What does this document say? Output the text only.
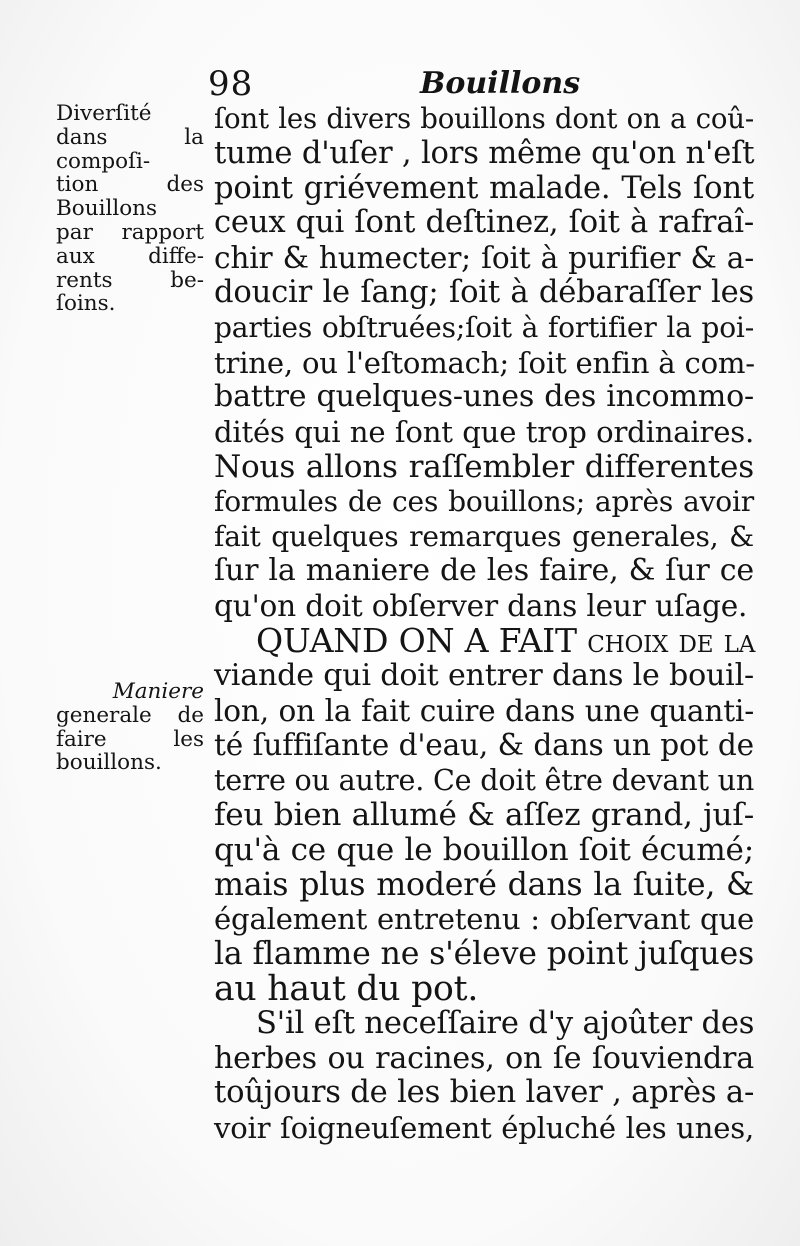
98	Bouillons
Diverſité
dans la
compoſi-
tion des
Bouillons
par rapport
aux diffe-
rents be-
ſoins.
Maniere
generale de
faire les
bouillons.
ſont les divers bouillons dont on a coû-
tume d'uſer , lors même qu'on n'eſt
point griévement malade. Tels ſont
ceux qui ſont deſtinez, ſoit à rafraî-
chir & humecter; ſoit à purifier & a-
doucir le ſang; ſoit à débaraſſer les
parties obſtruées;ſoit à fortifier la poi-
trine, ou l'eſtomach; ſoit enfin à com-
battre quelques-unes des incommo-
dités qui ne ſont que trop ordinaires.
Nous allons raſſembler differentes
formules de ces bouillons; après avoir
fait quelques remarques generales, &
ſur la maniere de les faire, & ſur ce
qu'on doit obſerver dans leur uſage.
QUAND ON A FAIT choix de la
viande qui doit entrer dans le bouil-
lon, on la fait cuire dans une quanti-
té ſuffiſante d'eau, & dans un pot de
terre ou autre. Ce doit être devant un
feu bien allumé & aſſez grand, juſ-
qu'à ce que le bouillon ſoit écumé;
mais plus moderé dans la ſuite, &
également entretenu : obſervant que
la flamme ne s'éleve point juſques
au haut du pot.
S'il eſt neceſſaire d'y ajoûter des
herbes ou racines, on ſe ſouviendra
toûjours de les bien laver , après a-
voir ſoigneuſement épluché les unes,
